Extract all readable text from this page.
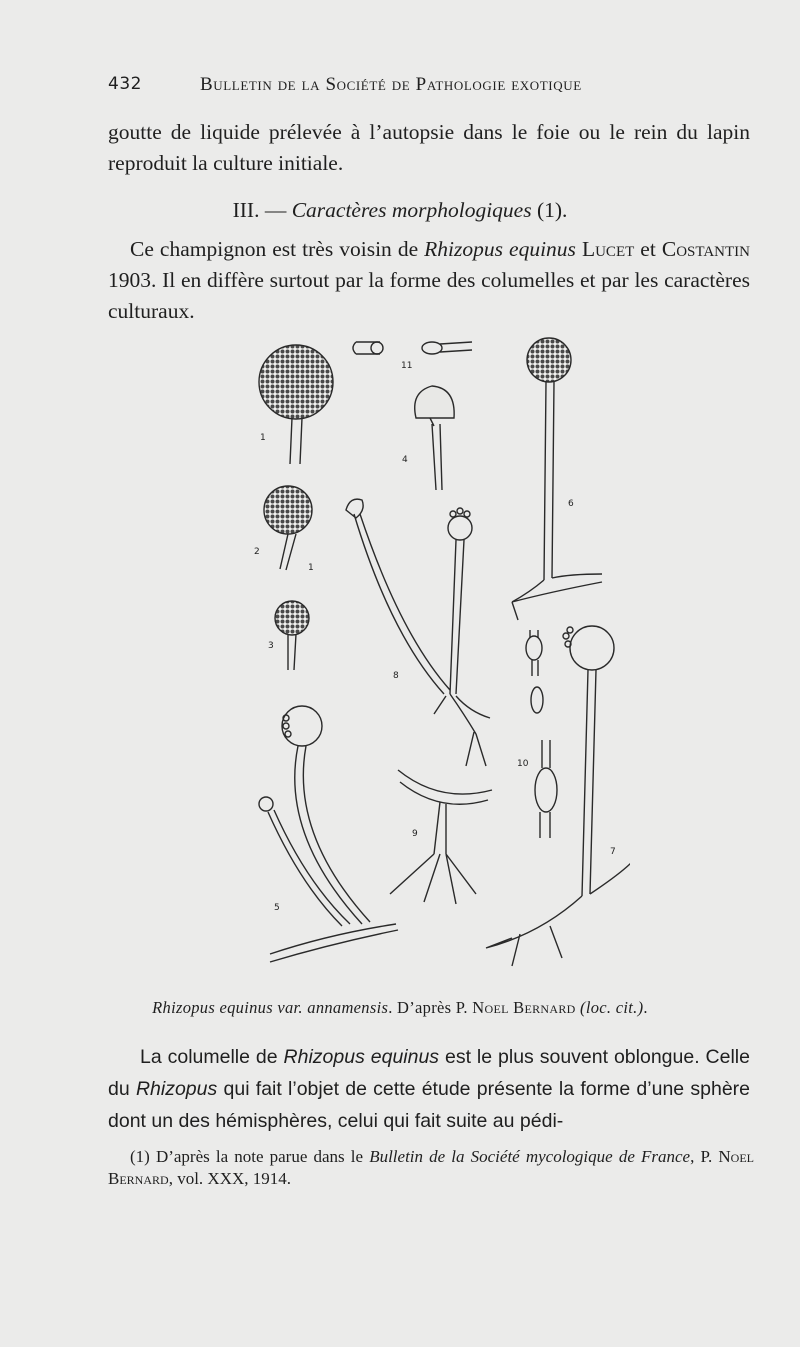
432	Bulletin de la Société de Pathologie exotique
goutte de liquide prélevée à l’autopsie dans le foie ou le rein du lapin reproduit la culture initiale.
III. — Caractères morphologiques (1).
Ce champignon est très voisin de Rhizopus equinus Lucet et Costantin 1903. Il en diffère surtout par la forme des columelles et par les caractères culturaux.
1
2
1
3
4
5
6
7
8
9
10
11
Rhizopus equinus var. annamensis. D’après P. Noel Bernard (loc. cit.).
La columelle de Rhizopus equinus est le plus souvent oblongue. Celle du Rhizopus qui fait l’objet de cette étude présente la forme d’une sphère dont un des hémisphères, celui qui fait suite au pédi-
(1) D’après la note parue dans le Bulletin de la Société mycologique de France, P. Noel Bernard, vol. XXX, 1914.
